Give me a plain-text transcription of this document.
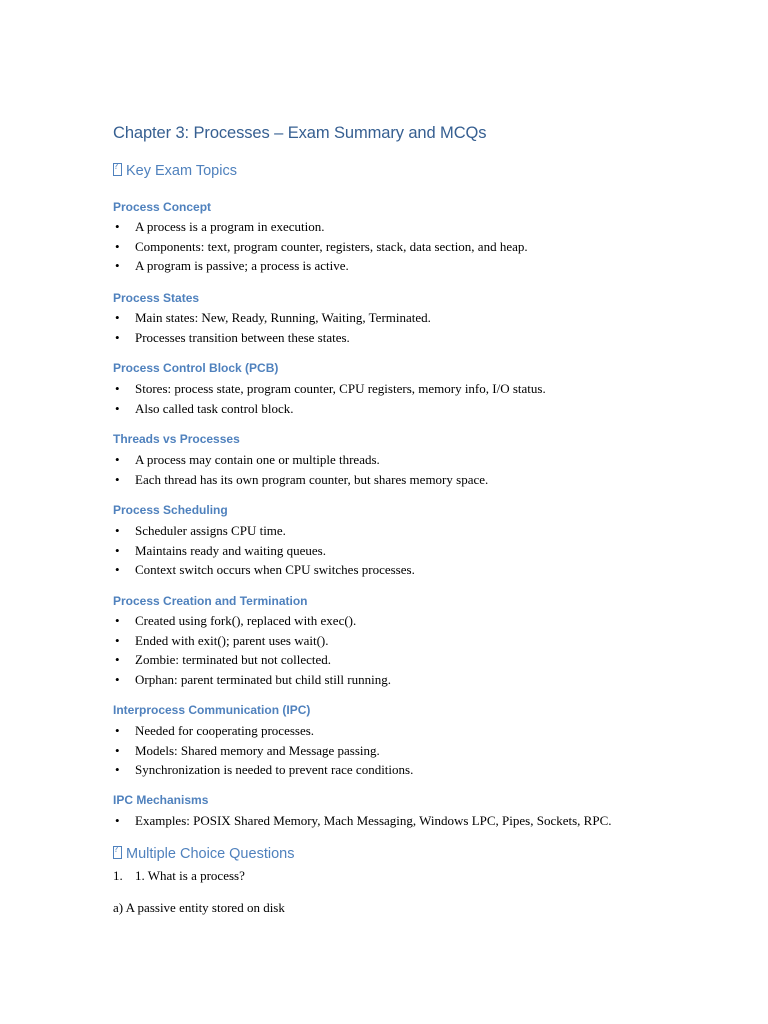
Chapter 3: Processes – Exam Summary and MCQs
Key Exam Topics
Process Concept
• A process is a program in execution.
• Components: text, program counter, registers, stack, data section, and heap.
• A program is passive; a process is active.
Process States
• Main states: New, Ready, Running, Waiting, Terminated.
• Processes transition between these states.
Process Control Block (PCB)
• Stores: process state, program counter, CPU registers, memory info, I/O status.
• Also called task control block.
Threads vs Processes
• A process may contain one or multiple threads.
• Each thread has its own program counter, but shares memory space.
Process Scheduling
• Scheduler assigns CPU time.
• Maintains ready and waiting queues.
• Context switch occurs when CPU switches processes.
Process Creation and Termination
• Created using fork(), replaced with exec().
• Ended with exit(); parent uses wait().
• Zombie: terminated but not collected.
• Orphan: parent terminated but child still running.
Interprocess Communication (IPC)
• Needed for cooperating processes.
• Models: Shared memory and Message passing.
• Synchronization is needed to prevent race conditions.
IPC Mechanisms
• Examples: POSIX Shared Memory, Mach Messaging, Windows LPC, Pipes, Sockets, RPC.
Multiple Choice Questions
1. 1. What is a process?
a) A passive entity stored on disk
